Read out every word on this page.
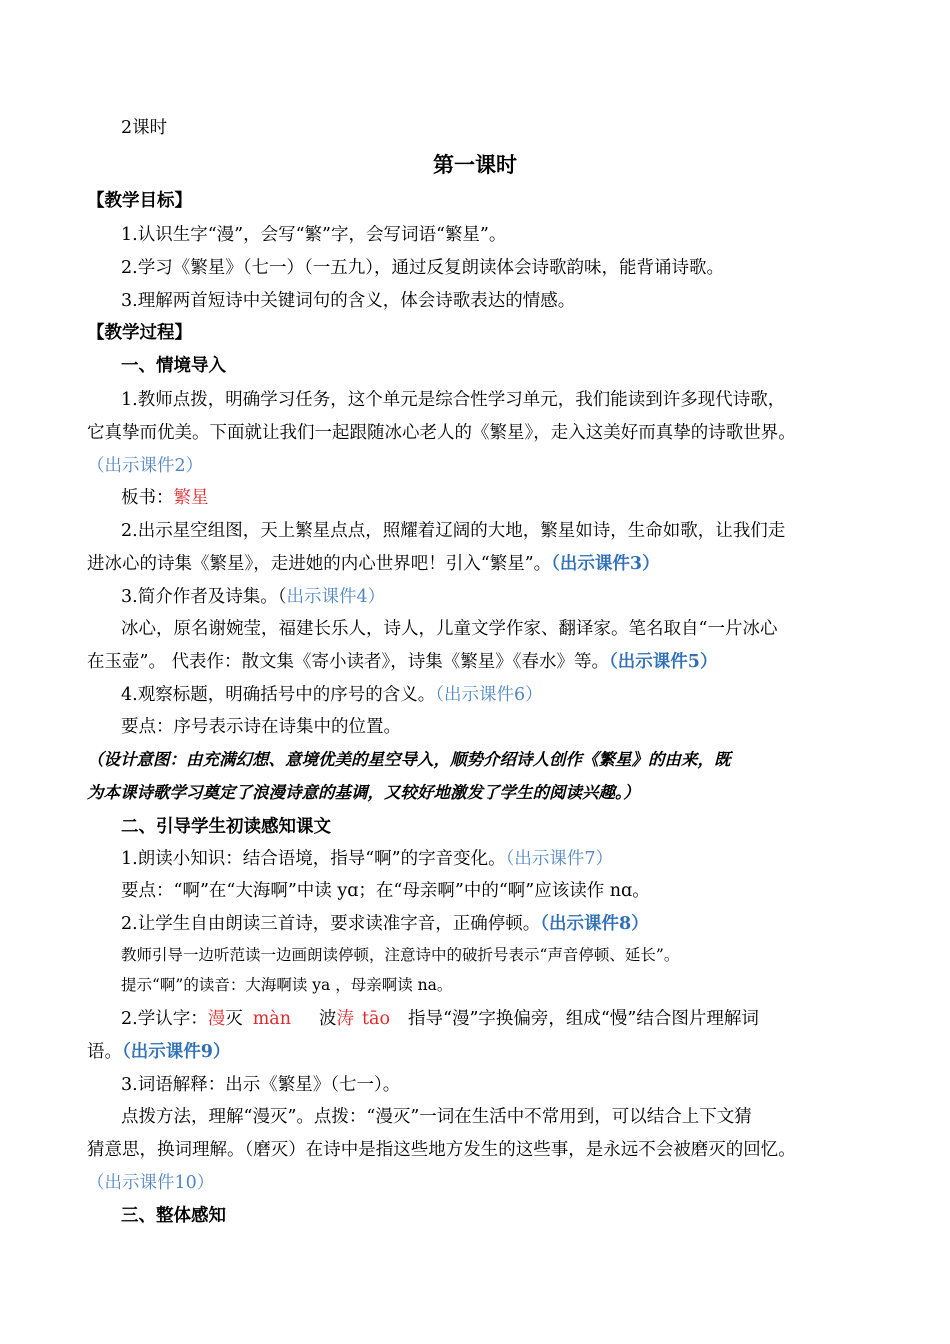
2课时
第一课时
【教学目标】
1.认识生字“漫”，会写“繁”字，会写词语“繁星”。
2.学习《繁星》（七一）（一五九），通过反复朗读体会诗歌韵味，能背诵诗歌。
3.理解两首短诗中关键词句的含义，体会诗歌表达的情感。
【教学过程】
一、情境导入
1.教师点拨，明确学习任务，这个单元是综合性学习单元，我们能读到许多现代诗歌，
它真挚而优美。下面就让我们一起跟随冰心老人的《繁星》，走入这美好而真挚的诗歌世界。
（出示课件2）
板书：繁星
2.出示星空组图，天上繁星点点，照耀着辽阔的大地，繁星如诗，生命如歌，让我们走
进冰心的诗集《繁星》，走进她的内心世界吧！引入“繁星”。（出示课件3）
3.简介作者及诗集。（出示课件4）
冰心，原名谢婉莹，福建长乐人，诗人，儿童文学作家、翻译家。笔名取自“一片冰心
在玉壶”。 代表作：散文集《寄小读者》，诗集《繁星》《春水》等。（出示课件5）
4.观察标题，明确括号中的序号的含义。（出示课件6）
要点：序号表示诗在诗集中的位置。
（设计意图：由充满幻想、意境优美的星空导入，顺势介绍诗人创作《繁星》的由来，既
为本课诗歌学习奠定了浪漫诗意的基调，又较好地激发了学生的阅读兴趣。）
二、引导学生初读感知课文
1.朗读小知识：结合语境，指导“啊”的字音变化。（出示课件7）
要点：“啊”在“大海啊”中读 yɑ；在“母亲啊”中的“啊”应该读作 nɑ。
2.让学生自由朗读三首诗，要求读准字音，正确停顿。（出示课件8）
教师引导一边听范读一边画朗读停顿，注意诗中的破折号表示“声音停顿、延长”。
提示“啊”的读音：大海啊读 ya ，母亲啊读 na。
2.学认字：漫灭 màn 波涛 tāo 指导“漫”字换偏旁，组成“慢”结合图片理解词
语。（出示课件9）
3.词语解释：出示《繁星》（七一）。
点拨方法，理解“漫灭”。点拨：“漫灭”一词在生活中不常用到，可以结合上下文猜
猜意思，换词理解。（磨灭）在诗中是指这些地方发生的这些事，是永远不会被磨灭的回忆。
（出示课件10）
三、整体感知
